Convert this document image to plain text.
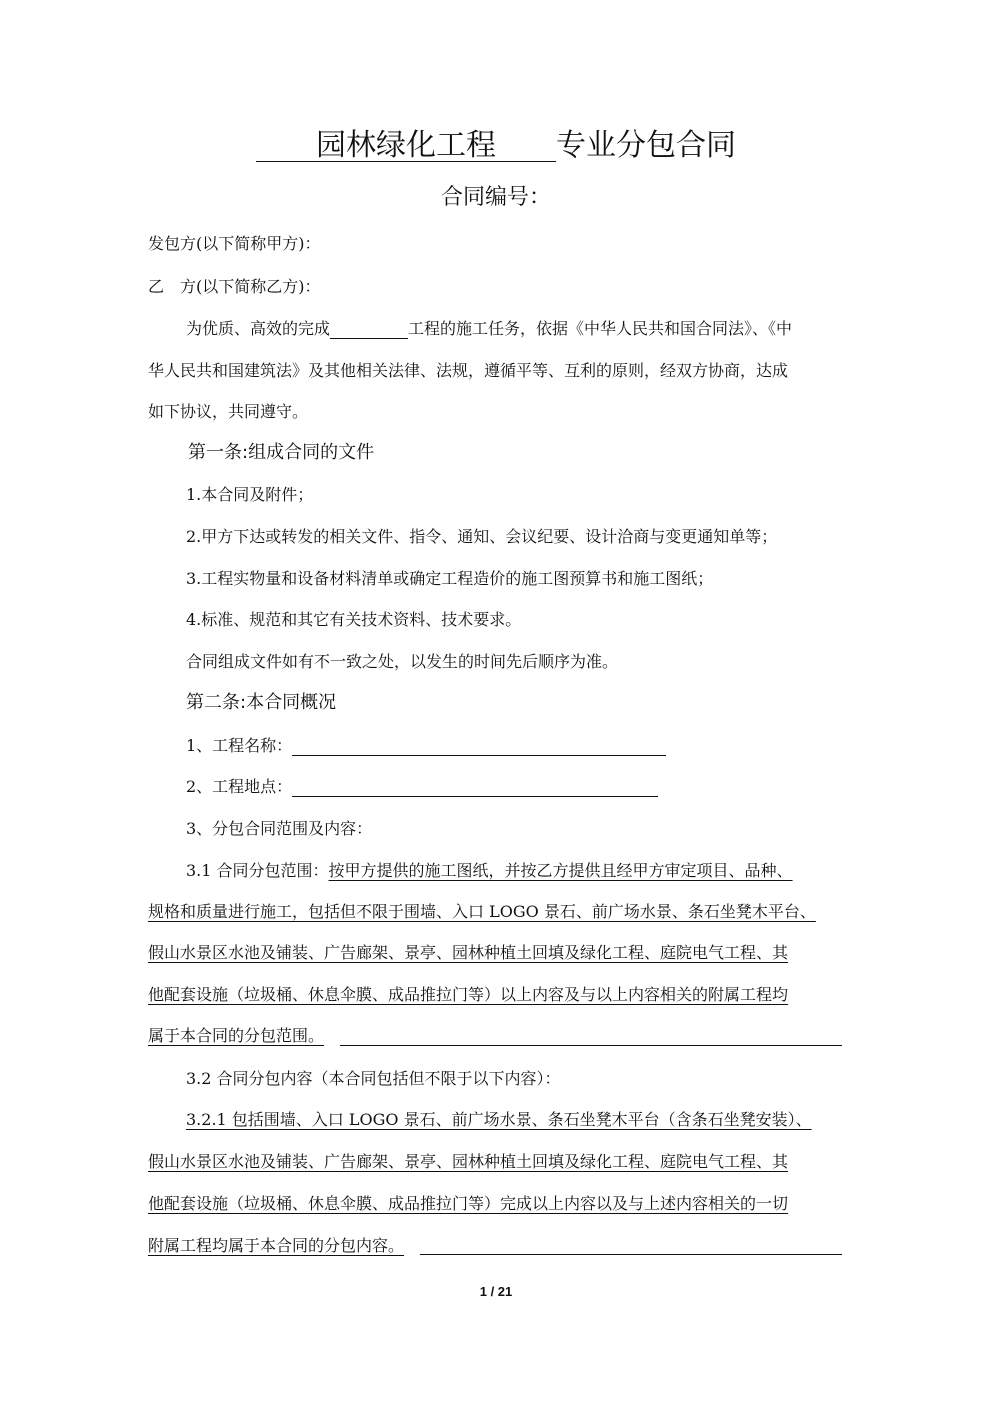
　　园林绿化工程　　 专业分包合同
合同编号：
发包方(以下简称甲方)：
乙　方(以下简称乙方)：
为优质、高效的完成	工程的施工任务，依据《中华人民共和国合同法》、《中
华人民共和国建筑法》及其他相关法律、法规，遵循平等、互利的原则，经双方协商，达成
如下协议，共同遵守。
第一条:组成合同的文件
1.本合同及附件；
2.甲方下达或转发的相关文件、指令、通知、会议纪要、设计洽商与变更通知单等；
3.工程实物量和设备材料清单或确定工程造价的施工图预算书和施工图纸；
4.标准、规范和其它有关技术资料、技术要求。
合同组成文件如有不一致之处，以发生的时间先后顺序为准。
第二条:本合同概况
1、工程名称：
2、工程地点：
3、分包合同范围及内容：
3.1 合同分包范围：按甲方提供的施工图纸，并按乙方提供且经甲方审定项目、品种、
规格和质量进行施工，包括但不限于围墙、入口 LOGO 景石、前广场水景、条石坐凳木平台、
假山水景区水池及铺装、广告廊架、景亭、园林种植土回填及绿化工程、庭院电气工程、其
他配套设施（垃圾桶、休息伞膜、成品推拉门等）以上内容及与以上内容相关的附属工程均
属于本合同的分包范围。
3.2 合同分包内容（本合同包括但不限于以下内容）：
3.2.1 包括围墙、入口 LOGO 景石、前广场水景、条石坐凳木平台（含条石坐凳安装）、
假山水景区水池及铺装、广告廊架、景亭、园林种植土回填及绿化工程、庭院电气工程、其
他配套设施（垃圾桶、休息伞膜、成品推拉门等）完成以上内容以及与上述内容相关的一切
附属工程均属于本合同的分包内容。
1 / 21
